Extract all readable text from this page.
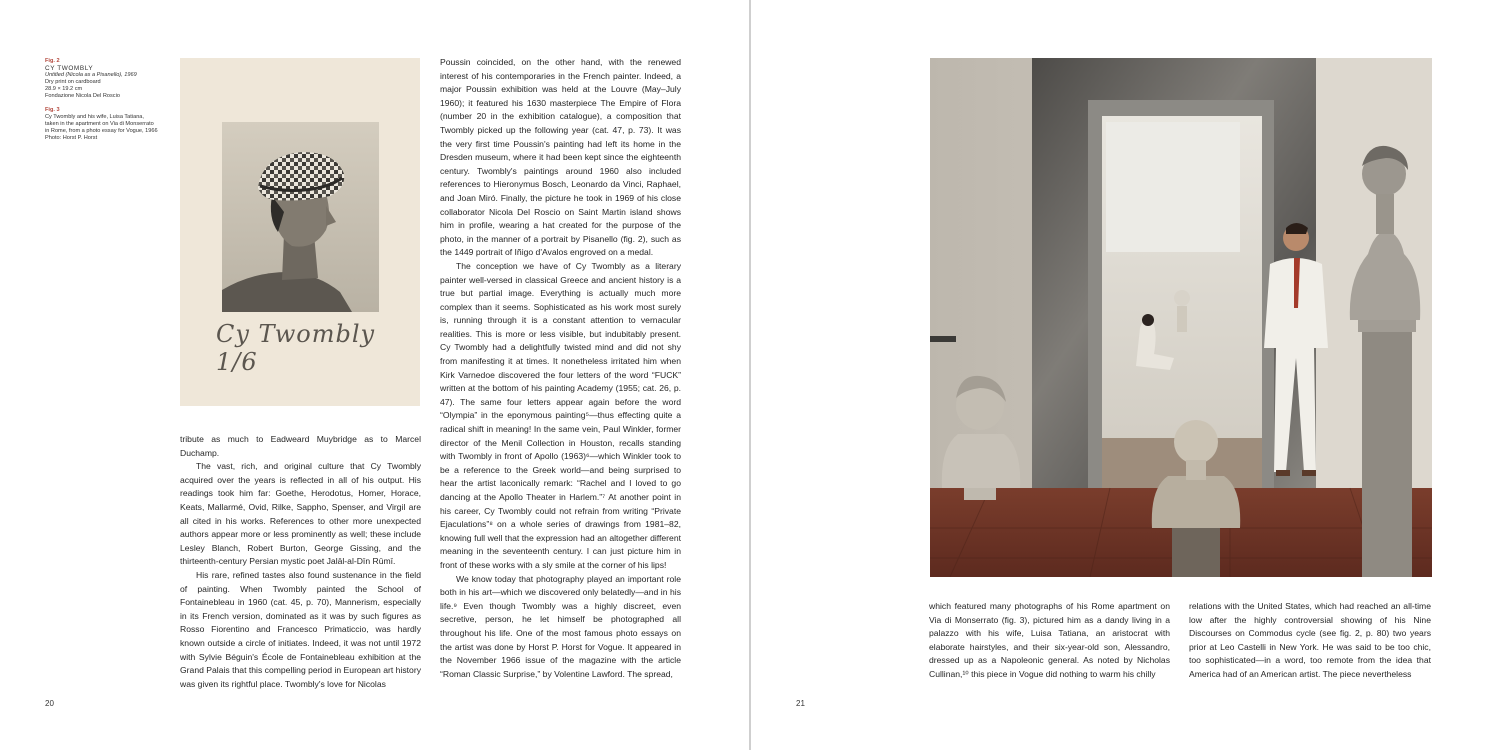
Fig. 2
CY TWOMBLY
Untitled (Nicola as a Pisanello), 1969
Dry print on cardboard
28.9 × 19.2 cm
Fondazione Nicola Del Roscio
Fig. 3
Cy Twombly and his wife, Luisa Tatiana,
taken in the apartment on Via di Monserrato
in Rome, from a photo essay for Vogue, 1966
Photo: Horst P. Horst
Cy Twombly 1/6

tribute as much to Eadweard Muybridge as to Marcel Duchamp.

The vast, rich, and original culture that Cy Twombly acquired over the years is reflected in all of his output. His readings took him far: Goethe, Herodotus, Homer, Horace, Keats, Mallarmé, Ovid, Rilke, Sappho, Spenser, and Virgil are all cited in his works. References to other more unexpected authors appear more or less prominently as well; these include Lesley Blanch, Robert Burton, George Gissing, and the thirteenth-century Persian mystic poet Jalāl-al-Dīn Rūmī.

His rare, refined tastes also found sustenance in the field of painting. When Twombly painted the School of Fontainebleau in 1960 (cat. 45, p. 70), Mannerism, especially in its French version, dominated as it was by such figures as Rosso Fiorentino and Francesco Primaticcio, was hardly known outside a circle of initiates. Indeed, it was not until 1972 with Sylvie Béguin's École de Fontainebleau exhibition at the Grand Palais that this compelling period in European art history was given its rightful place. Twombly's love for Nicolas

Poussin coincided, on the other hand, with the renewed interest of his contemporaries in the French painter. Indeed, a major Poussin exhibition was held at the Louvre (May–July 1960); it featured his 1630 masterpiece The Empire of Flora (number 20 in the exhibition catalogue), a composition that Twombly picked up the following year (cat. 47, p. 73). It was the very first time Poussin's painting had left its home in the Dresden museum, where it had been kept since the eighteenth century. Twombly's paintings around 1960 also included references to Hieronymus Bosch, Leonardo da Vinci, Raphael, and Joan Miró. Finally, the picture he took in 1969 of his close collaborator Nicola Del Roscio on Saint Martin island shows him in profile, wearing a hat created for the purpose of the photo, in the manner of a portrait by Pisanello (fig. 2), such as the 1449 portrait of Iñigo d'Avalos engroved on a medal.

The conception we have of Cy Twombly as a literary painter well-versed in classical Greece and ancient history is a true but partial image. Everything is actually much more complex than it seems. Sophisticated as his work most surely is, running through it is a constant attention to vernacular realities. This is more or less visible, but indubitably present. Cy Twombly had a delightfully twisted mind and did not shy from manifesting it at times. It nonetheless irritated him when Kirk Varnedoe discovered the four letters of the word “FUCK” written at the bottom of his painting Academy (1955; cat. 26, p. 47). The same four letters appear again before the word “Olympia” in the eponymous painting⁵—thus effecting quite a radical shift in meaning! In the same vein, Paul Winkler, former director of the Menil Collection in Houston, recalls standing with Twombly in front of Apollo (1963)⁶—which Winkler took to be a reference to the Greek world—and being surprised to hear the artist laconically remark: “Rachel and I loved to go dancing at the Apollo Theater in Harlem.”⁷ At another point in his career, Cy Twombly could not refrain from writing “Private Ejaculations”⁸ on a whole series of drawings from 1981–82, knowing full well that the expression had an altogether different meaning in the seventeenth century. I can just picture him in front of these works with a sly smile at the corner of his lips!

We know today that photography played an important role both in his art—which we discovered only belatedly—and in his life.⁹ Even though Twombly was a highly discreet, even secretive, person, he let himself be photographed all throughout his life. One of the most famous photo essays on the artist was done by Horst P. Horst for Vogue. It appeared in the November 1966 issue of the magazine with the article “Roman Classic Surprise,” by Volentine Lawford. The spread,

20

which featured many photographs of his Rome apartment on Via di Monserrato (fig. 3), pictured him as a dandy living in a palazzo with his wife, Luisa Tatiana, an aristocrat with elaborate hairstyles, and their six-year-old son, Alessandro, dressed up as a Napoleonic general. As noted by Nicholas Cullinan,¹⁰ this piece in Vogue did nothing to warm his chilly

relations with the United States, which had reached an all-time low after the highly controversial showing of his Nine Discourses on Commodus cycle (see fig. 2, p. 80) two years prior at Leo Castelli in New York. He was said to be too chic, too sophisticated—in a word, too remote from the idea that America had of an American artist. The piece nevertheless

21
